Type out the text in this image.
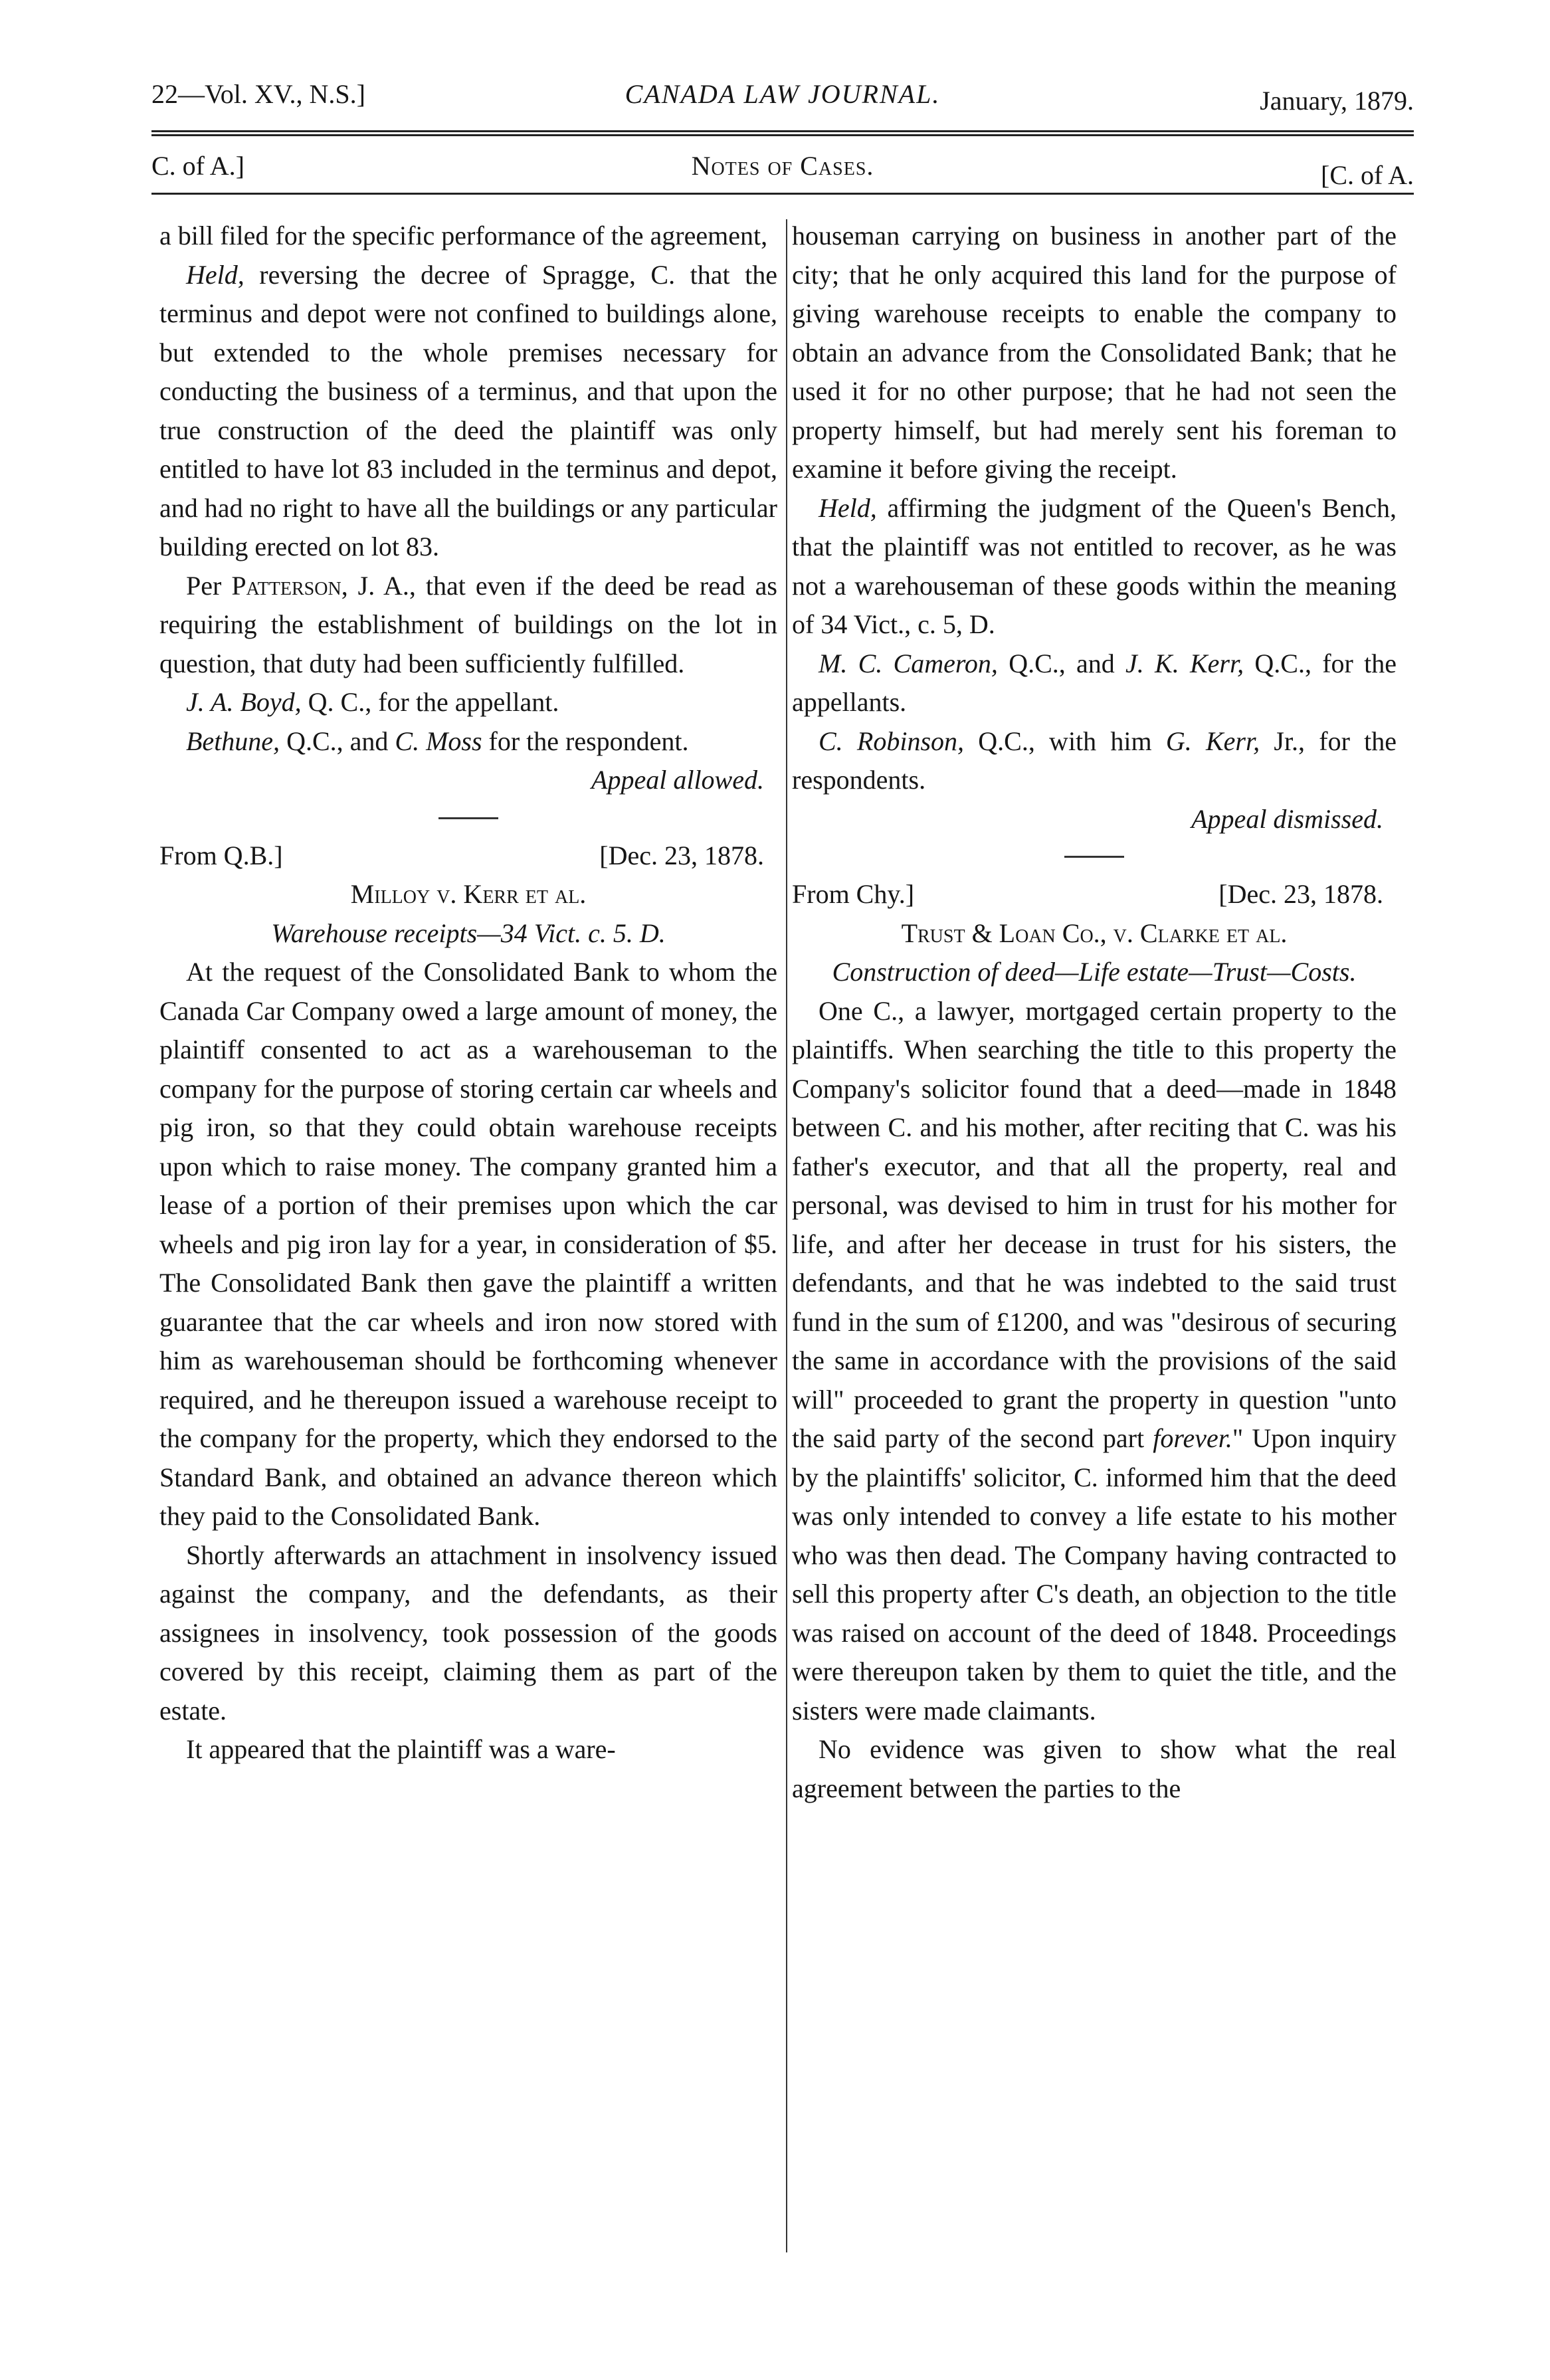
22—Vol. XV., N.S.]	CANADA LAW JOURNAL.	January, 1879.
C. of A.]	Notes of Cases.	[C. of A.

a bill filed for the specific performance of the agreement,

Held, reversing the decree of Spragge, C. that the terminus and depot were not confined to buildings alone, but extended to the whole premises necessary for conducting the business of a terminus, and that upon the true construction of the deed the plaintiff was only entitled to have lot 83 included in the terminus and depot, and had no right to have all the buildings or any particular building erected on lot 83.

Per Patterson, J. A., that even if the deed be read as requiring the establishment of buildings on the lot in question, that duty had been sufficiently fulfilled.

J. A. Boyd, Q. C., for the appellant.

Bethune, Q.C., and C. Moss for the respondent.

Appeal allowed.

From Q.B.]	[Dec. 23, 1878.

Milloy v. Kerr et al.

Warehouse receipts—34 Vict. c. 5. D.

At the request of the Consolidated Bank to whom the Canada Car Company owed a large amount of money, the plaintiff consented to act as a warehouseman to the company for the purpose of storing certain car wheels and pig iron, so that they could obtain warehouse receipts upon which to raise money. The company granted him a lease of a portion of their premises upon which the car wheels and pig iron lay for a year, in consideration of $5. The Consolidated Bank then gave the plaintiff a written guarantee that the car wheels and iron now stored with him as warehouseman should be forthcoming whenever required, and he thereupon issued a warehouse receipt to the company for the property, which they endorsed to the Standard Bank, and obtained an advance thereon which they paid to the Consolidated Bank.

Shortly afterwards an attachment in insolvency issued against the company, and the defendants, as their assignees in insolvency, took possession of the goods covered by this receipt, claiming them as part of the estate.

It appeared that the plaintiff was a ware-

houseman carrying on business in another part of the city; that he only acquired this land for the purpose of giving warehouse receipts to enable the company to obtain an advance from the Consolidated Bank; that he used it for no other purpose; that he had not seen the property himself, but had merely sent his foreman to examine it before giving the receipt.

Held, affirming the judgment of the Queen's Bench, that the plaintiff was not entitled to recover, as he was not a warehouseman of these goods within the meaning of 34 Vict., c. 5, D.

M. C. Cameron, Q.C., and J. K. Kerr, Q.C., for the appellants.

C. Robinson, Q.C., with him G. Kerr, Jr., for the respondents.

Appeal dismissed.

From Chy.]	[Dec. 23, 1878.

Trust & Loan Co., v. Clarke et al.

Construction of deed—Life estate—Trust—Costs.

One C., a lawyer, mortgaged certain property to the plaintiffs. When searching the title to this property the Company's solicitor found that a deed—made in 1848 between C. and his mother, after reciting that C. was his father's executor, and that all the property, real and personal, was devised to him in trust for his mother for life, and after her decease in trust for his sisters, the defendants, and that he was indebted to the said trust fund in the sum of £1200, and was "desirous of securing the same in accordance with the provisions of the said will" proceeded to grant the property in question "unto the said party of the second part forever." Upon inquiry by the plaintiffs' solicitor, C. informed him that the deed was only intended to convey a life estate to his mother who was then dead. The Company having contracted to sell this property after C's death, an objection to the title was raised on account of the deed of 1848. Proceedings were thereupon taken by them to quiet the title, and the sisters were made claimants.

No evidence was given to show what the real agreement between the parties to the
